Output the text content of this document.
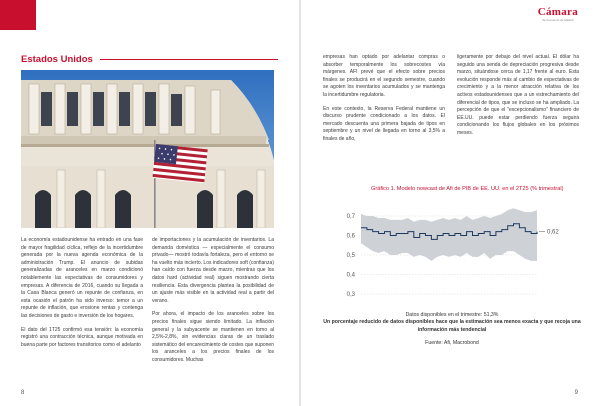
Estados Unidos

La economía estadounidense ha entrado en una fase de mayor fragilidad cíclica, reflejo de la incertidumbre generada por la nueva agenda económica de la administración Trump. El anuncio de subidas generalizadas de aranceles en marzo condicionó notablemente las expectativas de consumidores y empresas. A diferencia de 2016, cuando su llegada a la Casa Blanca generó un repunte de confianza, en esta ocasión el patrón ha sido inverso: temor a un repunte de inflación, que erosione rentas y contenga las decisiones de gasto e inversión de los hogares.

El dato del 1T25 confirmó esa tensión: la economía registró una contracción técnica, aunque motivada en buena parte por factores transitorios como el adelanto

de importaciones y la acumulación de inventarios. La demanda doméstica — especialmente el consumo privado— mostró todavía fortaleza, pero el entorno se ha vuelto más incierto. Los indicadores soft (confianza) han caído con fuerza desde marzo, mientras que los datos hard (actividad real) siguen mostrando cierta resiliencia. Esta divergencia plantea la posibilidad de un ajuste más visible en la actividad real a partir del verano.

Por ahora, el impacto de los aranceles sobre los precios finales sigue siendo limitado. La inflación general y la subyacente se mantienen en torno al 2,5%-2,8%, sin evidencias claras de un traslado sistemático del encarecimiento de costes que suponen los aranceles a los precios finales de los consumidores. Muchas

8
Cámara
de Comercio de Madrid

empresas han optado por adelantar compras o absorber temporalmente los sobrecostes vía márgenes. AFI prevé que el efecto sobre precios finales se producirá en el segundo semestre, cuando se agoten los inventarios acumulados y se mantenga la incertidumbre regulatoria.

En este contexto, la Reserva Federal mantiene un discurso prudente condicionado a los datos. El mercado descuenta una primera bajada de tipos en septiembre y un nivel de llegada en torno al 3,5% a finales de año,

ligeramente por debajo del nivel actual. El dólar ha seguido una senda de depreciación progresiva desde marzo, situándose cerca de 1,17 frente al euro. Esta evolución responde más al cambio de expectativas de crecimiento y a la menor atracción relativa de los activos estadounidenses que a un estrechamiento del diferencial de tipos, que se incluso se ha ampliado. La percepción de que el "excepcionalismo" financiero de EE.UU. puede estar perdiendo fuerza seguirá condicionando los flujos globales en los próximos meses.

Gráfico 1. Modelo nowcast de Afi de PIB de EE. UU. en el 2T25 (% trimestral)

0,7
0,6
0,5
0,4
0,3
0,62
Datos disponibles en el trimestre: 51,3%
Un porcentaje reducido de datos disponibles hace que la estimación sea menos exacta y que recoja una información más tendencial
Fuente: Afi, Macrobond
9
